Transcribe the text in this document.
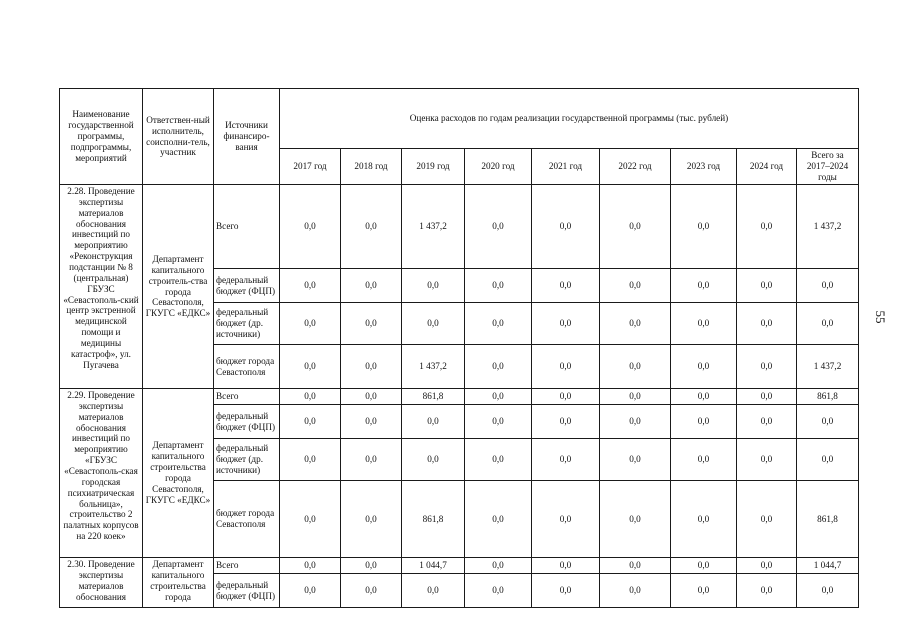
55
Наименование государственной программы, подпрограммы, мероприятий	Ответствен-ный исполнитель, соисполни-тель, участник	Источники финансиро-вания	Оценка расходов по годам реализации государственной программы (тыс. рублей)								
			2017 год	2018 год	2019 год	2020 год	2021 год	2022 год	2023 год	2024 год	Всего за 2017–2024 годы
2.28. Проведение экспертизы материалов обоснования инвестиций по мероприятию «Реконструкция подстанции № 8 (центральная) ГБУЗС «Севастополь-ский центр экстренной медицинской помощи и медицины катастроф», ул. Пугачева	Департамент капитального строитель-ства города Севастополя, ГКУГС «ЕДКС»	Всего	0,0	0,0	1 437,2	0,0	0,0	0,0	0,0	0,0	1 437,2
		федеральный бюджет (ФЦП)	0,0	0,0	0,0	0,0	0,0	0,0	0,0	0,0	0,0
		федеральный бюджет (др. источники)	0,0	0,0	0,0	0,0	0,0	0,0	0,0	0,0	0,0
		бюджет города Севастополя	0,0	0,0	1 437,2	0,0	0,0	0,0	0,0	0,0	1 437,2
2.29. Проведение экспертизы материалов обоснования инвестиций по мероприятию «ГБУЗС «Севастополь-ская городская психиатрическая больница», строительство 2 палатных корпусов на 220 коек»	Департамент капитального строительства города Севастополя, ГКУГС «ЕДКС»	Всего	0,0	0,0	861,8	0,0	0,0	0,0	0,0	0,0	861,8
		федеральный бюджет (ФЦП)	0,0	0,0	0,0	0,0	0,0	0,0	0,0	0,0	0,0
		федеральный бюджет (др. источники)	0,0	0,0	0,0	0,0	0,0	0,0	0,0	0,0	0,0
		бюджет города Севастополя	0,0	0,0	861,8	0,0	0,0	0,0	0,0	0,0	861,8
2.30. Проведение экспертизы материалов обоснования	Департамент капитального строительства города	Всего	0,0	0,0	1 044,7	0,0	0,0	0,0	0,0	0,0	1 044,7
		федеральный бюджет (ФЦП)	0,0	0,0	0,0	0,0	0,0	0,0	0,0	0,0	0,0
